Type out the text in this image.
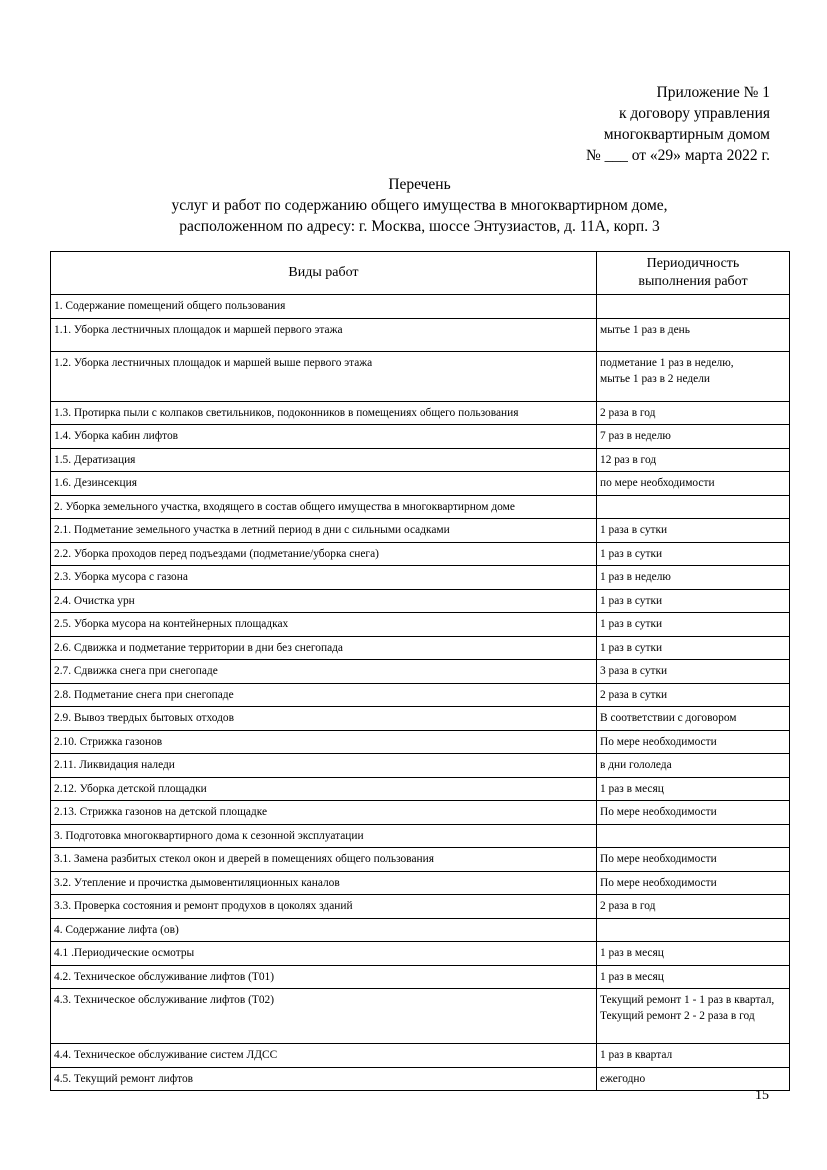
Приложение № 1
к договору управления
многоквартирным домом
№ ___ от «29» марта 2022 г.
Перечень
услуг и работ по содержанию общего имущества в многоквартирном доме,
расположенном по адресу: г. Москва, шоссе Энтузиастов, д. 11А, корп. 3
Виды работ	Периодичность
выполнения работ

1. Содержание помещений общего пользования	
1.1. Уборка лестничных площадок и маршей первого этажа	мытье 1 раз в день
1.2. Уборка лестничных площадок и маршей выше первого этажа	подметание 1 раз в неделю,
мытье 1 раз в 2 недели

1.3. Протирка пыли с колпаков светильников, подоконников в помещениях общего пользования	2 раза в год
1.4. Уборка кабин лифтов	7 раз в неделю
1.5. Дератизация	12 раз в год
1.6. Дезинсекция	по мере необходимости
2. Уборка земельного участка, входящего в состав общего имущества в многоквартирном доме	
2.1. Подметание земельного участка в летний период в дни с сильными осадками	1 раза в сутки
2.2. Уборка проходов перед подъездами (подметание/уборка снега)	1 раз в сутки
2.3. Уборка мусора с газона	1 раз в неделю
2.4. Очистка урн	1 раз в сутки
2.5. Уборка мусора на контейнерных площадках	1 раз в сутки
2.6. Сдвижка и подметание территории в дни без снегопада	1 раз в сутки
2.7. Сдвижка снега при снегопаде	3 раза в сутки
2.8. Подметание снега при снегопаде	2 раза в сутки
2.9. Вывоз твердых бытовых отходов	В соответствии с договором
2.10. Стрижка газонов	По мере необходимости
2.11. Ликвидация наледи	в дни гололеда
2.12. Уборка детской площадки	1 раз в месяц
2.13. Стрижка газонов на детской площадке	По мере необходимости
3. Подготовка многоквартирного дома к сезонной эксплуатации	
3.1. Замена разбитых стекол окон и дверей в помещениях общего пользования	По мере необходимости
3.2. Утепление и прочистка дымовентиляционных каналов	По мере необходимости
3.3. Проверка состояния и ремонт продухов в цоколях зданий	2 раза в год
4. Содержание лифта (ов)	
4.1 .Периодические осмотры	1 раз в месяц
4.2. Техническое обслуживание лифтов (Т01)	1 раз в месяц
4.3. Техническое обслуживание лифтов (Т02)	Текущий ремонт 1 - 1 раз в квартал,
Текущий ремонт 2 - 2 раза в год

4.4. Техническое обслуживание систем ЛДСС	1 раз в квартал
4.5. Текущий ремонт лифтов	ежегодно
15
